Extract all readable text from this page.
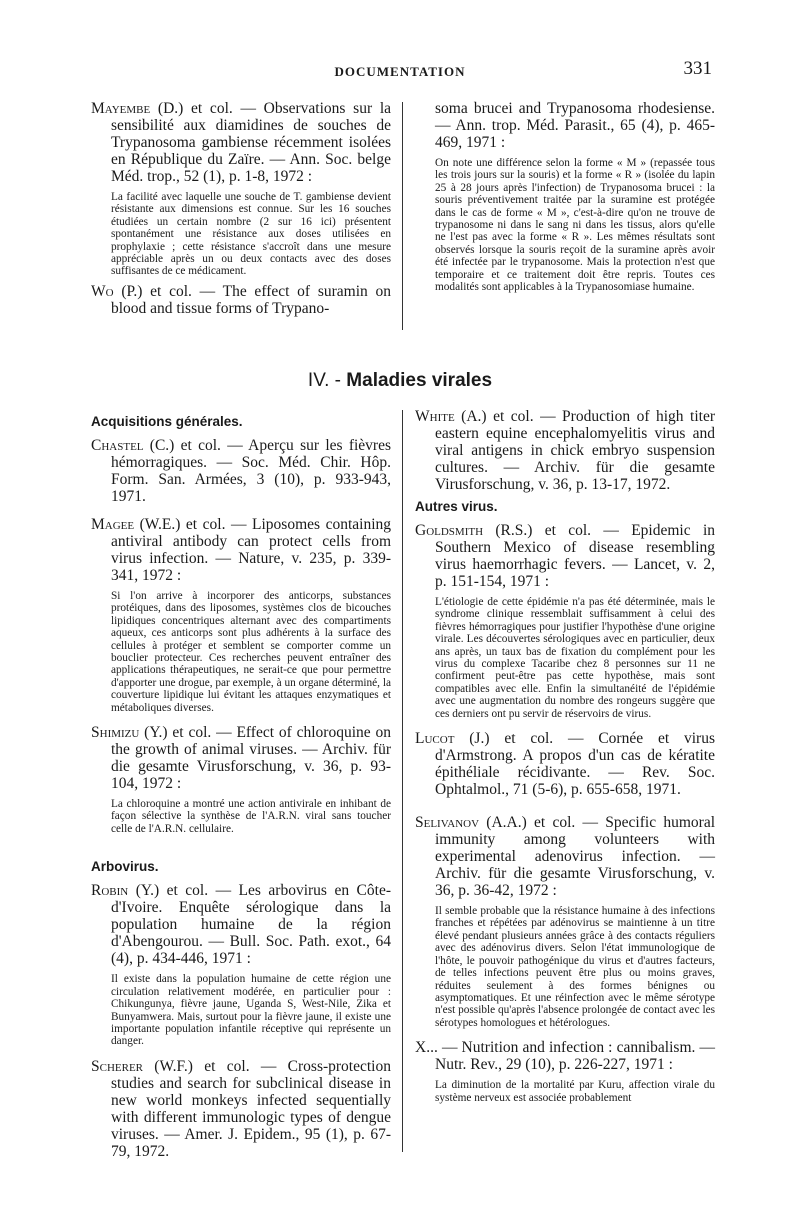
DOCUMENTATION	331

Mayembe (D.) et col. — Observations sur la sensibilité aux diamidines de souches de Trypanosoma gambiense récemment isolées en République du Zaïre. — Ann. Soc. belge Méd. trop., 52 (1), p. 1-8, 1972 :

La facilité avec laquelle une souche de T. gambiense devient résistante aux dimensions est connue. Sur les 16 souches étudiées un certain nombre (2 sur 16 ici) présentent spontanément une résistance aux doses utilisées en prophylaxie ; cette résistance s'accroît dans une mesure appréciable après un ou deux contacts avec des doses suffisantes de ce médicament.

Wo (P.) et col. — The effect of suramin on blood and tissue forms of Trypano-

soma brucei and Trypanosoma rhodesiense. — Ann. trop. Méd. Parasit., 65 (4), p. 465-469, 1971 :

On note une différence selon la forme « M » (repassée tous les trois jours sur la souris) et la forme « R » (isolée du lapin 25 à 28 jours après l'infection) de Trypanosoma brucei : la souris préventivement traitée par la suramine est protégée dans le cas de forme « M », c'est-à-dire qu'on ne trouve de trypanosome ni dans le sang ni dans les tissus, alors qu'elle ne l'est pas avec la forme « R ». Les mêmes résultats sont observés lorsque la souris reçoit de la suramine après avoir été infectée par le trypanosome. Mais la protection n'est que temporaire et ce traitement doit être repris. Toutes ces modalités sont applicables à la Trypanosomiase humaine.

IV. - Maladies virales
Acquisitions générales.

Chastel (C.) et col. — Aperçu sur les fièvres hémorragiques. — Soc. Méd. Chir. Hôp. Form. San. Armées, 3 (10), p. 933-943, 1971.

Magee (W.E.) et col. — Liposomes containing antiviral antibody can protect cells from virus infection. — Nature, v. 235, p. 339-341, 1972 :

Si l'on arrive à incorporer des anticorps, substances protéiques, dans des liposomes, systèmes clos de bicouches lipidiques concentriques alternant avec des compartiments aqueux, ces anticorps sont plus adhérents à la surface des cellules à protéger et semblent se comporter comme un bouclier protecteur. Ces recherches peuvent entraîner des applications thérapeutiques, ne serait-ce que pour permettre d'apporter une drogue, par exemple, à un organe déterminé, la couverture lipidique lui évitant les attaques enzymatiques et métaboliques diverses.

Shimizu (Y.) et col. — Effect of chloroquine on the growth of animal viruses. — Archiv. für die gesamte Virusforschung, v. 36, p. 93-104, 1972 :

La chloroquine a montré une action antivirale en inhibant de façon sélective la synthèse de l'A.R.N. viral sans toucher celle de l'A.R.N. cellulaire.

Arbovirus.

Robin (Y.) et col. — Les arbovirus en Côte-d'Ivoire. Enquête sérologique dans la population humaine de la région d'Abengourou. — Bull. Soc. Path. exot., 64 (4), p. 434-446, 1971 :

Il existe dans la population humaine de cette région une circulation relativement modérée, en particulier pour : Chikungunya, fièvre jaune, Uganda S, West-Nile, Zika et Bunyamwera. Mais, surtout pour la fièvre jaune, il existe une importante population infantile réceptive qui représente un danger.

Scherer (W.F.) et col. — Cross-protection studies and search for subclinical disease in new world monkeys infected sequentially with different immunologic types of dengue viruses. — Amer. J. Epidem., 95 (1), p. 67-79, 1972.

White (A.) et col. — Production of high titer eastern equine encephalomyelitis virus and viral antigens in chick embryo suspension cultures. — Archiv. für die gesamte Virusforschung, v. 36, p. 13-17, 1972.

Autres virus.

Goldsmith (R.S.) et col. — Epidemic in Southern Mexico of disease resembling virus haemorrhagic fevers. — Lancet, v. 2, p. 151-154, 1971 :

L'étiologie de cette épidémie n'a pas été déterminée, mais le syndrome clinique ressemblait suffisamment à celui des fièvres hémorragiques pour justifier l'hypothèse d'une origine virale. Les découvertes sérologiques avec en particulier, deux ans après, un taux bas de fixation du complément pour les virus du complexe Tacaribe chez 8 personnes sur 11 ne confirment peut-être pas cette hypothèse, mais sont compatibles avec elle. Enfin la simultanéité de l'épidémie avec une augmentation du nombre des rongeurs suggère que ces derniers ont pu servir de réservoirs de virus.

Lucot (J.) et col. — Cornée et virus d'Armstrong. A propos d'un cas de kératite épithéliale récidivante. — Rev. Soc. Ophtalmol., 71 (5-6), p. 655-658, 1971.

Selivanov (A.A.) et col. — Specific humoral immunity among volunteers with experimental adenovirus infection. — Archiv. für die gesamte Virusforschung, v. 36, p. 36-42, 1972 :

Il semble probable que la résistance humaine à des infections franches et répétées par adénovirus se maintienne à un titre élevé pendant plusieurs années grâce à des contacts réguliers avec des adénovirus divers. Selon l'état immunologique de l'hôte, le pouvoir pathogénique du virus et d'autres facteurs, de telles infections peuvent être plus ou moins graves, réduites seulement à des formes bénignes ou asymptomatiques. Et une réinfection avec le même sérotype n'est possible qu'après l'absence prolongée de contact avec les sérotypes homologues et hétérologues.

X... — Nutrition and infection : cannibalism. — Nutr. Rev., 29 (10), p. 226-227, 1971 :

La diminution de la mortalité par Kuru, affection virale du système nerveux est associée probablement
